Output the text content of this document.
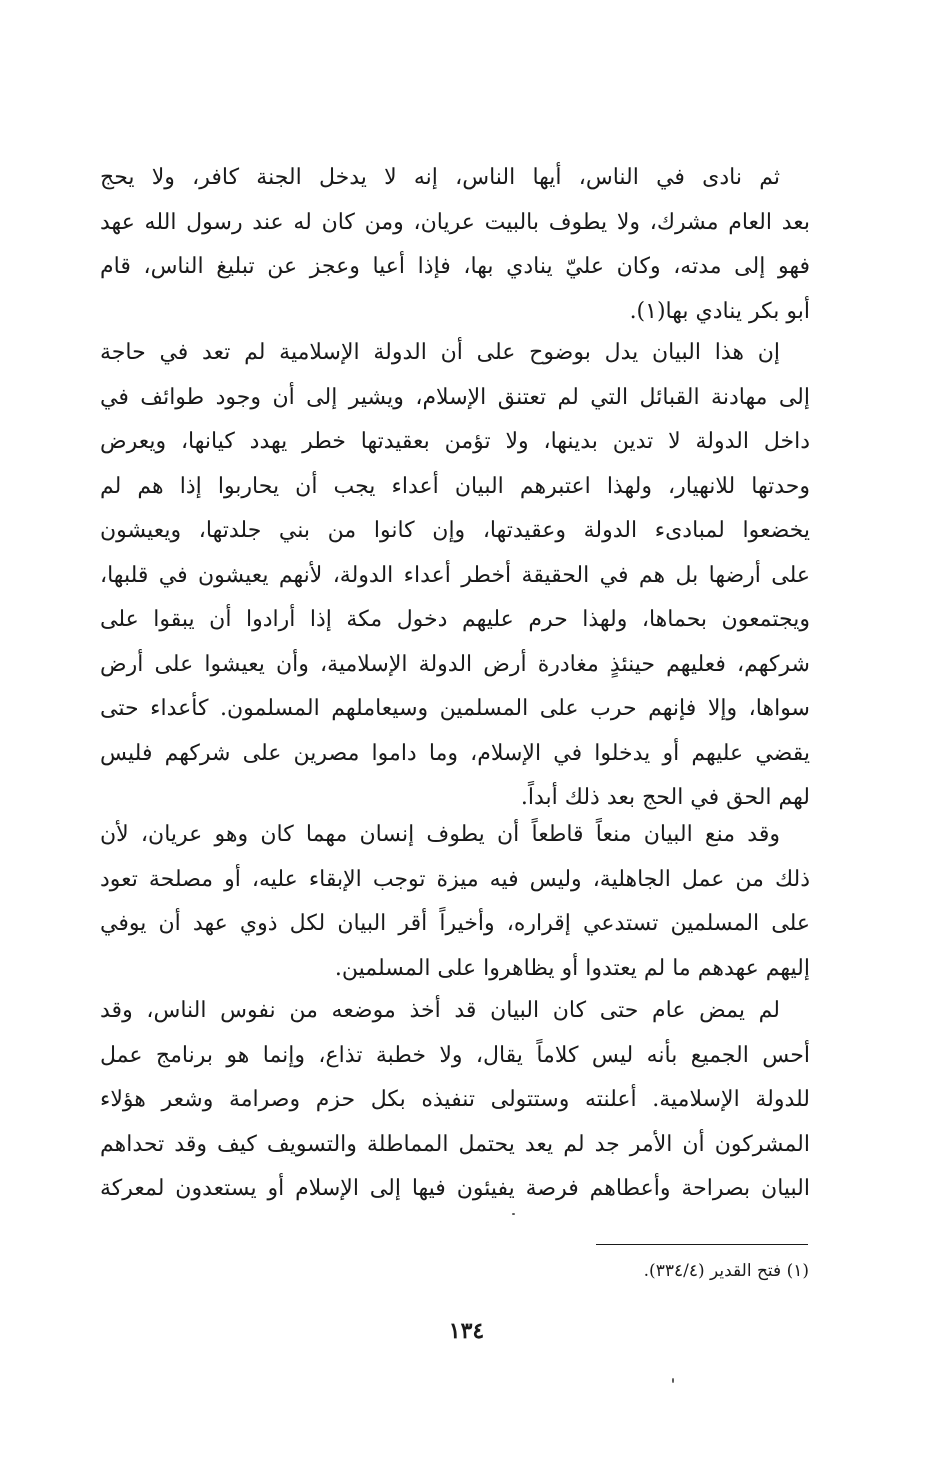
ثم نادى في الناس، أيها الناس، إنه لا يدخل الجنة كافر، ولا يحج
بعد العام مشرك، ولا يطوف بالبيت عريان، ومن كان له عند رسول الله عهد
فهو إلى مدته، وكان عليّ ينادي بها، فإذا أعيا وعجز عن تبليغ الناس، قام
أبو بكر ينادي بها(١).
إن هذا البيان يدل بوضوح على أن الدولة الإسلامية لم تعد في حاجة
إلى مهادنة القبائل التي لم تعتنق الإسلام، ويشير إلى أن وجود طوائف في
داخل الدولة لا تدين بدينها، ولا تؤمن بعقيدتها خطر يهدد كيانها، ويعرض
وحدتها للانهيار، ولهذا اعتبرهم البيان أعداء يجب أن يحاربوا إذا هم لم
يخضعوا لمبادىء الدولة وعقيدتها، وإن كانوا من بني جلدتها، ويعيشون
على أرضها بل هم في الحقيقة أخطر أعداء الدولة، لأنهم يعيشون في قلبها،
ويجتمعون بحماها، ولهذا حرم عليهم دخول مكة إذا أرادوا أن يبقوا على
شركهم، فعليهم حينئذٍ مغادرة أرض الدولة الإسلامية، وأن يعيشوا على أرض
سواها، وإلا فإنهم حرب على المسلمين وسيعاملهم المسلمون. كأعداء حتى
يقضي عليهم أو يدخلوا في الإسلام، وما داموا مصرين على شركهم فليس
لهم الحق في الحج بعد ذلك أبداً.
وقد منع البيان منعاً قاطعاً أن يطوف إنسان مهما كان وهو عريان، لأن
ذلك من عمل الجاهلية، وليس فيه ميزة توجب الإبقاء عليه، أو مصلحة تعود
على المسلمين تستدعي إقراره، وأخيراً أقر البيان لكل ذوي عهد أن يوفي
إليهم عهدهم ما لم يعتدوا أو يظاهروا على المسلمين.
لم يمض عام حتى كان البيان قد أخذ موضعه من نفوس الناس، وقد
أحس الجميع بأنه ليس كلاماً يقال، ولا خطبة تذاع، وإنما هو برنامج عمل
للدولة الإسلامية. أعلنته وستتولى تنفيذه بكل حزم وصرامة وشعر هؤلاء
المشركون أن الأمر جد لم يعد يحتمل المماطلة والتسويف كيف وقد تحداهم
البيان بصراحة وأعطاهم فرصة يفيئون فيها إلى الإسلام أو يستعدون لمعركة
(١) فتح القدير (٣٣٤/٤).
١٣٤
